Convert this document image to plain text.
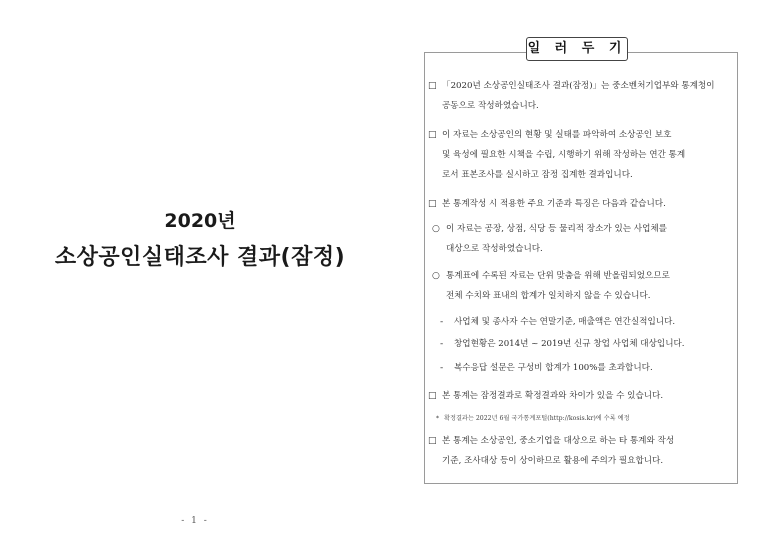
2020년
소상공인실태조사 결과(잠정)
- 1 -
일 러 두 기
□ 「2020년 소상공인실태조사 결과(잠정)」는 중소벤처기업부와 통계청이
공동으로 작성하였습니다.
□ 이 자료는 소상공인의 현황 및 실태를 파악하여 소상공인 보호
및 육성에 필요한 시책을 수립, 시행하기 위해 작성하는 연간 통계
로서 표본조사를 실시하고 잠정 집계한 결과입니다.
□ 본 통계작성 시 적용한 주요 기준과 특징은 다음과 같습니다.
○ 이 자료는 공장, 상점, 식당 등 물리적 장소가 있는 사업체를
대상으로 작성하였습니다.
○ 통계표에 수록된 자료는 단위 맞춤을 위해 반올림되었으므로
전체 수치와 표내의 합계가 일치하지 않을 수 있습니다.
- 사업체 및 종사자 수는 연말기준, 매출액은 연간실적입니다.
- 창업현황은 2014년 ~ 2019년 신규 창업 사업체 대상입니다.
- 복수응답 설문은 구성비 합계가 100%를 초과합니다.
□ 본 통계는 잠정결과로 확정결과와 차이가 있을 수 있습니다.
* 확정결과는 2022년 6월 국가통계포털(http://kosis.kr)에 수록 예정
□ 본 통계는 소상공인, 중소기업을 대상으로 하는 타 통계와 작성
기준, 조사대상 등이 상이하므로 활용에 주의가 필요합니다.
